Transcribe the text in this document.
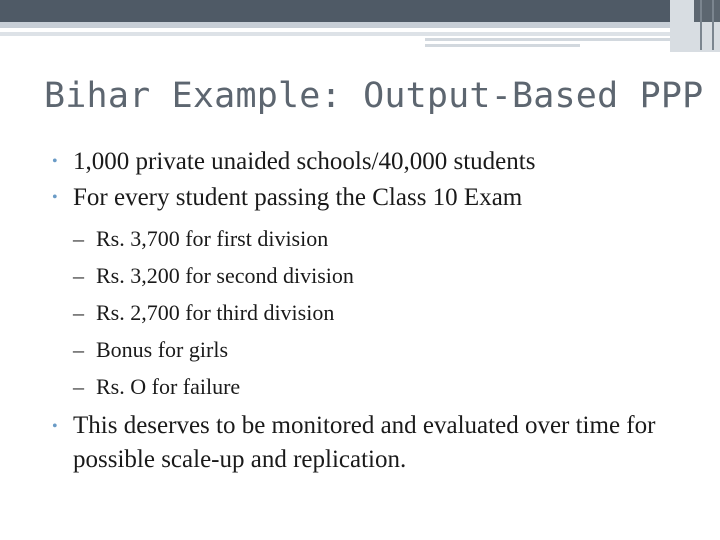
Bihar Example: Output-Based PPP
• 1,000 private unaided schools/40,000 students
• For every student passing the Class 10 Exam
– Rs. 3,700 for first division
– Rs. 3,200 for second division
– Rs. 2,700 for third division
– Bonus for girls
– Rs. O for failure
• This deserves to be monitored and evaluated over time for possible scale-up and replication.
